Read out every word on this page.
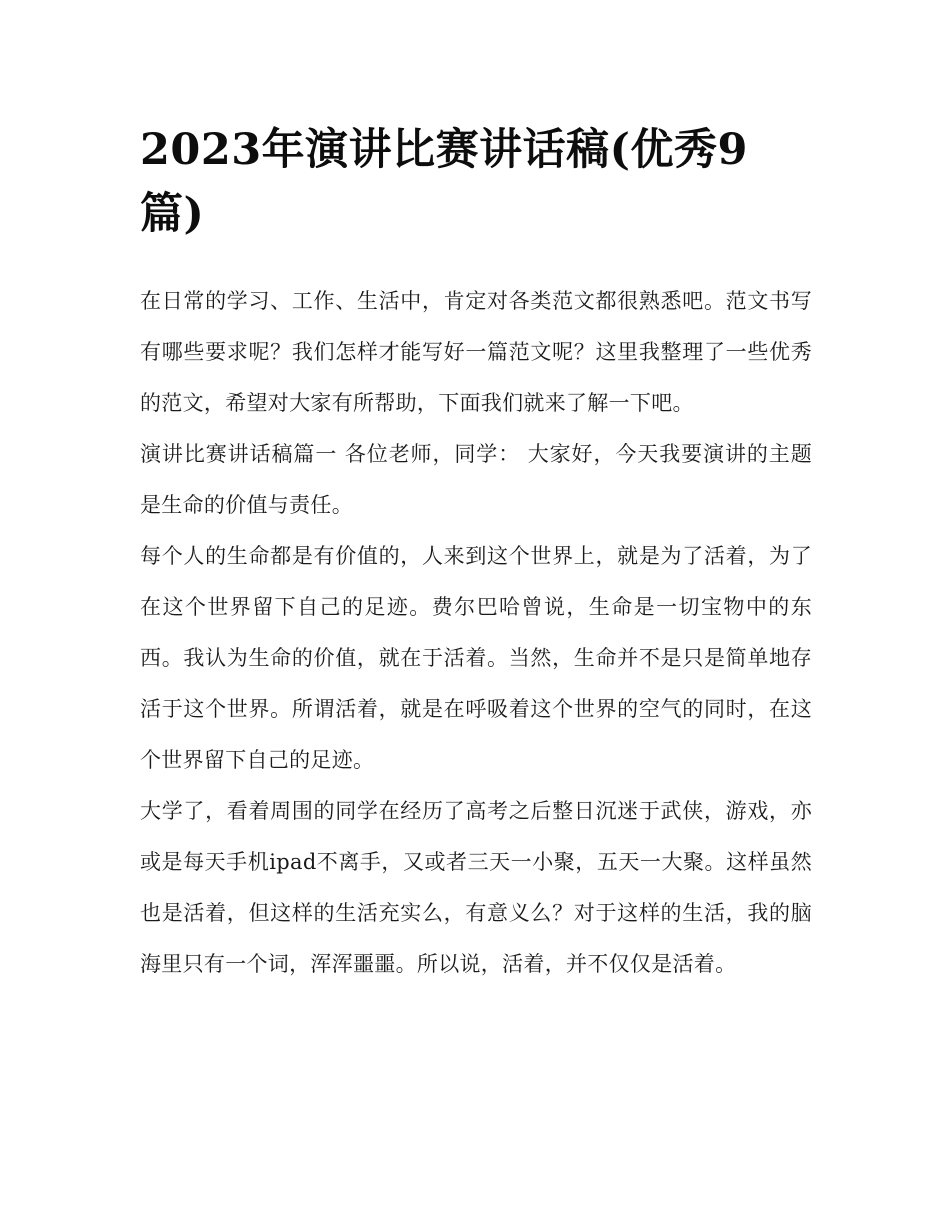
2023年演讲比赛讲话稿(优秀9篇)

在日常的学习、工作、生活中，肯定对各类范文都很熟悉吧。范文书写有哪些要求呢？我们怎样才能写好一篇范文呢？这里我整理了一些优秀的范文，希望对大家有所帮助，下面我们就来了解一下吧。

演讲比赛讲话稿篇一 各位老师，同学： 大家好，今天我要演讲的主题是生命的价值与责任。

每个人的生命都是有价值的，人来到这个世界上，就是为了活着，为了在这个世界留下自己的足迹。费尔巴哈曾说，生命是一切宝物中的东西。我认为生命的价值，就在于活着。当然，生命并不是只是简单地存活于这个世界。所谓活着，就是在呼吸着这个世界的空气的同时，在这个世界留下自己的足迹。

大学了，看着周围的同学在经历了高考之后整日沉迷于武侠，游戏，亦或是每天手机ipad不离手，又或者三天一小聚，五天一大聚。这样虽然也是活着，但这样的生活充实么，有意义么？对于这样的生活，我的脑海里只有一个词，浑浑噩噩。所以说，活着，并不仅仅是活着。
